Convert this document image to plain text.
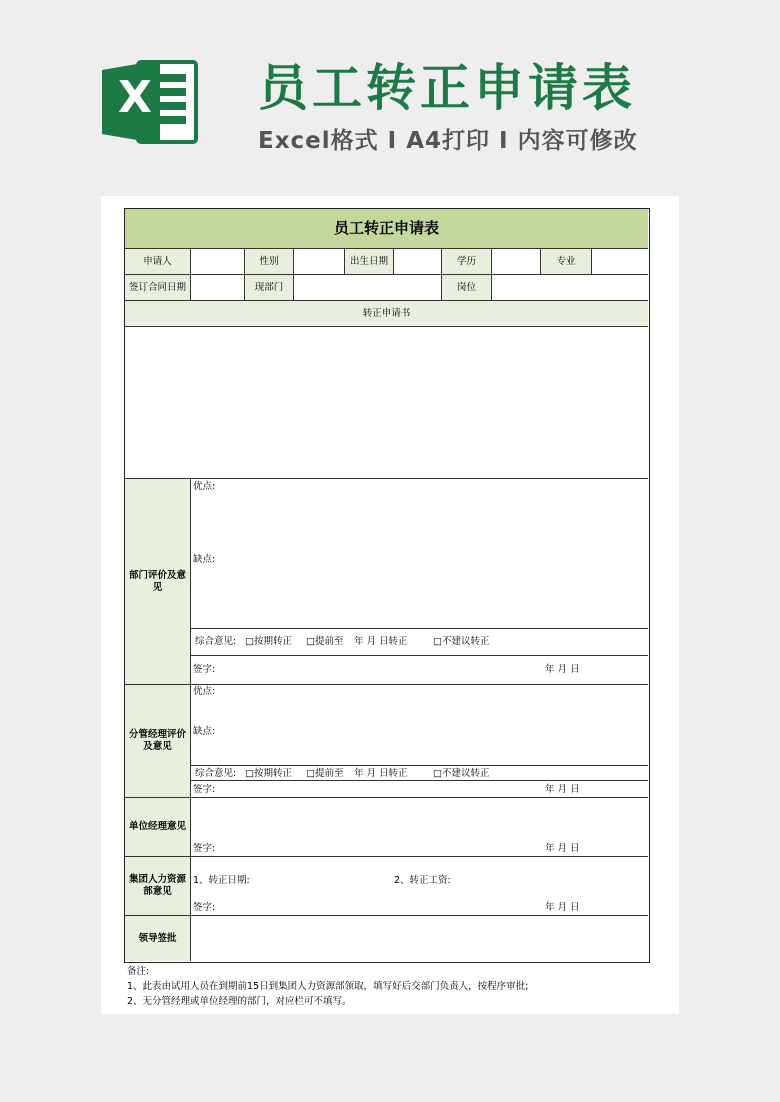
X 员工转正申请表
Excel格式 I A4打印 I 内容可修改
员工转正申请表
申请人	性别	出生日期	学历	专业
签订合同日期	现部门	岗位
转正申请书
部门评价及意见
优点:
缺点:
综合意见: □按期转正 □提前至 年 月 日转正	□不建议转正
签字:	年 月 日
分管经理评价及意见
优点:
缺点:
综合意见: □按期转正 □提前至 年 月 日转正	□不建议转正
签字:	年 月 日
单位经理意见
签字:	年 月 日
集团人力资源部意见
1、转正日期:	2、转正工资:
签字:	年 月 日
领导签批
备注:
1、此表由试用人员在到期前15日到集团人力资源部领取，填写好后交部门负责人，按程序审批;
2、无分管经理或单位经理的部门，对应栏可不填写。
